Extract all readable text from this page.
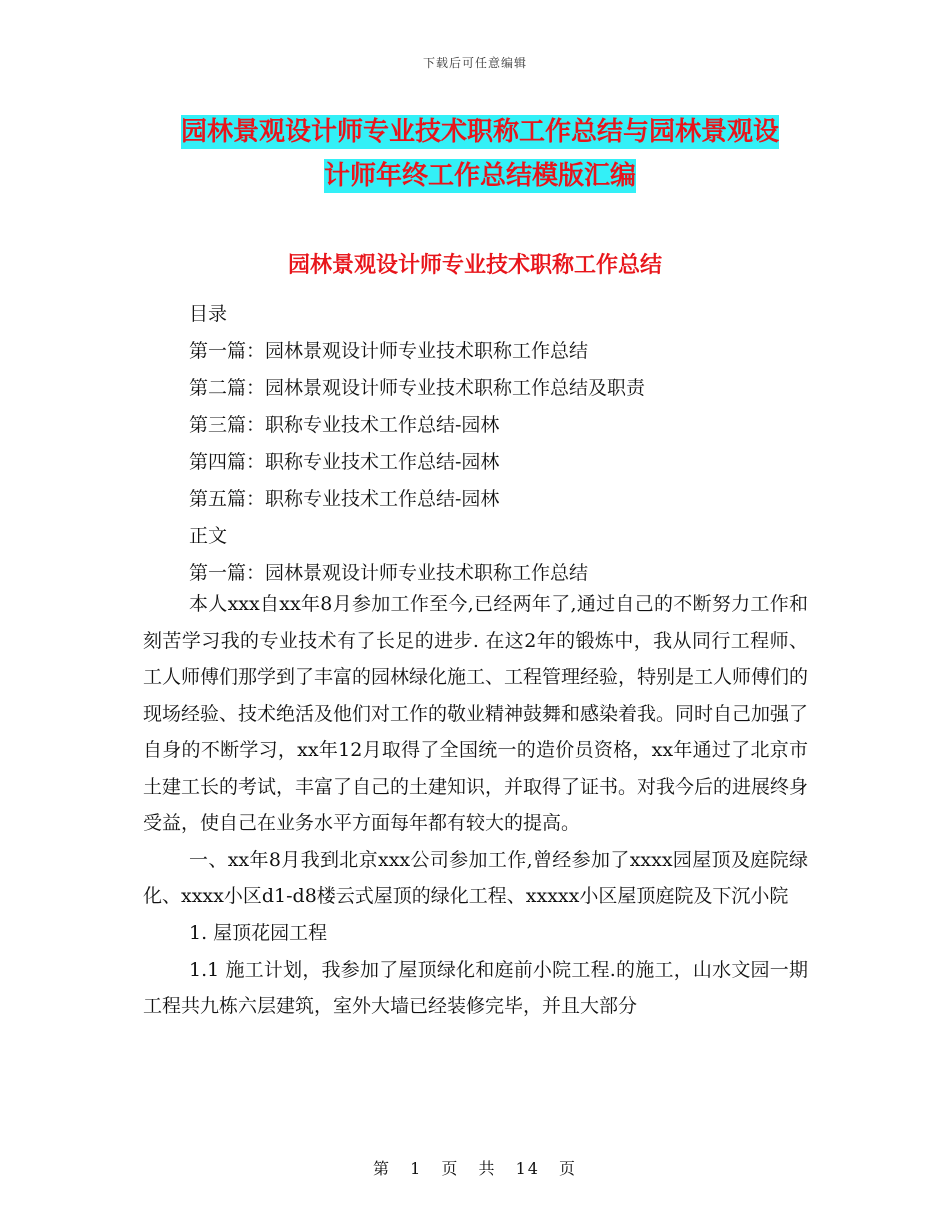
下载后可任意编辑
园林景观设计师专业技术职称工作总结与园林景观设
计师年终工作总结模版汇编
园林景观设计师专业技术职称工作总结
目录
第一篇：园林景观设计师专业技术职称工作总结
第二篇：园林景观设计师专业技术职称工作总结及职责
第三篇：职称专业技术工作总结-园林
第四篇：职称专业技术工作总结-园林
第五篇：职称专业技术工作总结-园林
正文
第一篇：园林景观设计师专业技术职称工作总结

本人xxx自xx年8月参加工作至今,已经两年了,通过自己的不断努力工作和刻苦学习我的专业技术有了长足的进步. 在这2年的锻炼中，我从同行工程师、工人师傅们那学到了丰富的园林绿化施工、工程管理经验，特别是工人师傅们的现场经验、技术绝活及他们对工作的敬业精神鼓舞和感染着我。同时自己加强了自身的不断学习，xx年12月取得了全国统一的造价员资格，xx年通过了北京市土建工长的考试，丰富了自己的土建知识，并取得了证书。对我今后的进展终身受益，使自己在业务水平方面每年都有较大的提高。

一、xx年8月我到北京xxx公司参加工作,曾经参加了xxxx园屋顶及庭院绿化、xxxx小区d1-d8楼云式屋顶的绿化工程、xxxxx小区屋顶庭院及下沉小院

1. 屋顶花园工程

1.1 施工计划，我参加了屋顶绿化和庭前小院工程.的施工，山水文园一期工程共九栋六层建筑，室外大墙已经装修完毕，并且大部分

第 1 页 共 14 页
